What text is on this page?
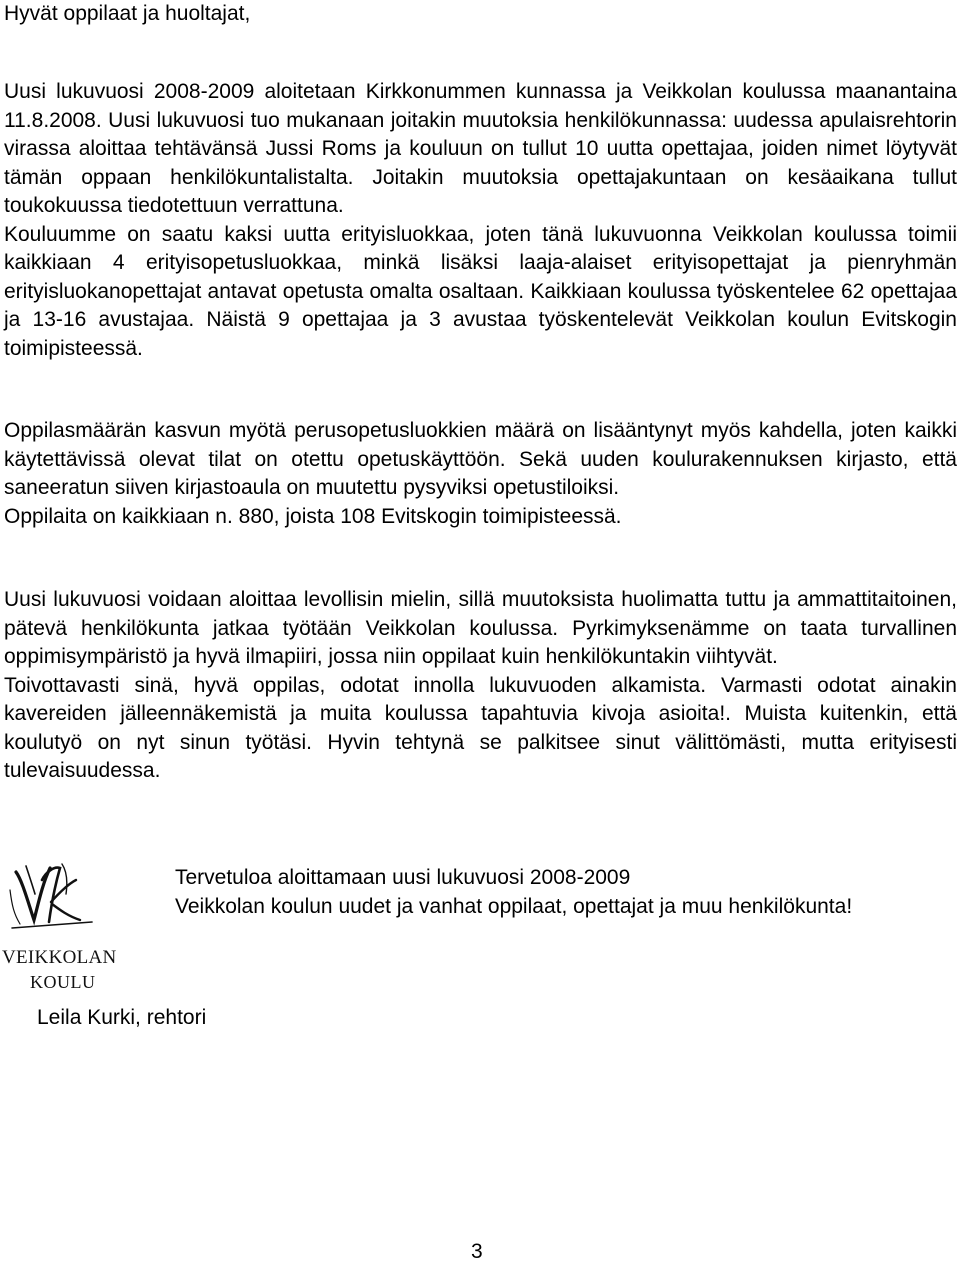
Hyvät oppilaat ja huoltajat,

Uusi lukuvuosi 2008-2009 aloitetaan Kirkkonummen kunnassa ja Veikkolan koulussa maanantaina 11.8.2008. Uusi lukuvuosi tuo mukanaan joitakin muutoksia henkilökunnassa: uudessa apulaisrehtorin virassa aloittaa tehtävänsä Jussi Roms ja kouluun on tullut 10 uutta opettajaa, joiden nimet löytyvät tämän oppaan henkilökuntalistalta. Joitakin muutoksia opettajakuntaan on kesäaikana tullut toukokuussa tiedotettuun verrattuna.

Kouluumme on saatu kaksi uutta erityisluokkaa, joten tänä lukuvuonna Veikkolan koulussa toimii kaikkiaan 4 erityisopetusluokkaa, minkä lisäksi laaja-alaiset erityisopettajat ja pienryhmän erityisluokanopettajat antavat opetusta omalta osaltaan. Kaikkiaan koulussa työskentelee 62 opettajaa ja 13-16 avustajaa. Näistä 9 opettajaa ja 3 avustaa työskentelevät Veikkolan koulun Evitskogin toimipisteessä.

Oppilasmäärän kasvun myötä perusopetusluokkien määrä on lisääntynyt myös kahdella, joten kaikki käytettävissä olevat tilat on otettu opetuskäyttöön. Sekä uuden koulurakennuksen kirjasto, että saneeratun siiven kirjastoaula on muutettu pysyviksi opetustiloiksi.

Oppilaita on kaikkiaan n. 880, joista 108 Evitskogin toimipisteessä.

Uusi lukuvuosi voidaan aloittaa levollisin mielin, sillä muutoksista huolimatta tuttu ja ammattitaitoinen, pätevä henkilökunta jatkaa työtään Veikkolan koulussa. Pyrkimyksenämme on taata turvallinen oppimisympäristö ja hyvä ilmapiiri, jossa niin oppilaat kuin henkilökuntakin viihtyvät.

Toivottavasti sinä, hyvä oppilas, odotat innolla lukuvuoden alkamista. Varmasti odotat ainakin kavereiden jälleennäkemistä ja muita koulussa tapahtuvia kivoja asioita!. Muista kuitenkin, että koulutyö on nyt sinun työtäsi. Hyvin tehtynä se palkitsee sinut välittömästi, mutta erityisesti tulevaisuudessa.

VEIKKOLAN
KOULU

Tervetuloa aloittamaan uusi lukuvuosi 2008-2009

Veikkolan koulun uudet ja vanhat oppilaat, opettajat ja muu henkilökunta!

Leila Kurki, rehtori

3
